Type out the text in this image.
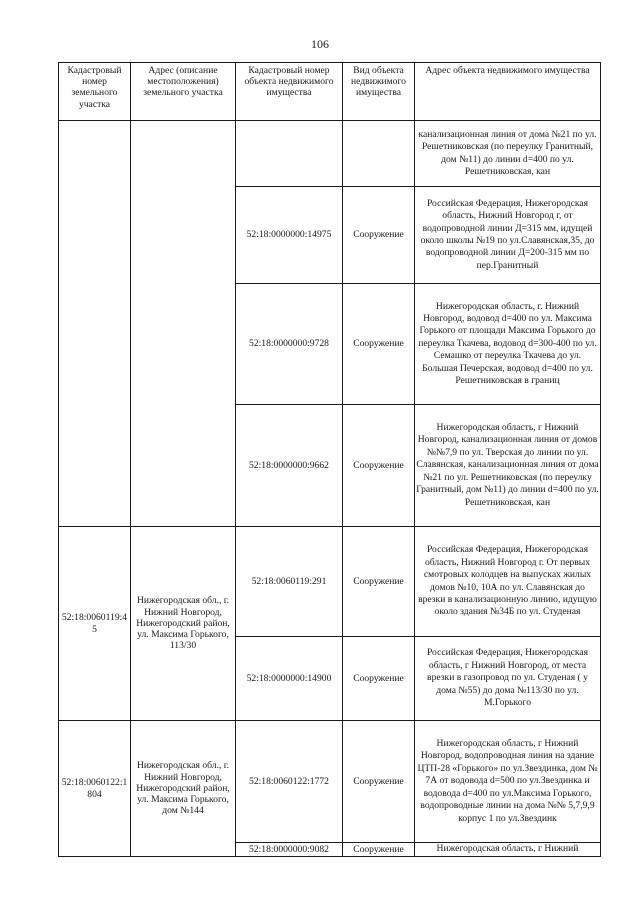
106
Кадастровый номер земельного участка	Адрес (описание местоположения) земельного участка	Кадастровый номер объекта недвижимого имущества	Вид объекта недвижимого имущества	Адрес объекта недвижимого имущества
				канализационная линия от дома №21 по ул. Решетниковская (по переулку Гранитный, дом №11) до линии d=400 по ул. Решетниковская, кан
		52:18:0000000:14975	Сооружение	Российская Федерация, Нижегородская область, Нижний Новгород г, от водопроводной линии Д=315 мм, идущей около школы №19 по ул.Славянская,35, до водопроводной линии Д=200-315 мм по пер.Гранитный
		52:18:0000000:9728	Сооружение	Нижегородская область, г. Нижний Новгород, водовод d=400 по ул. Максима Горького от площади Максима Горького до переулка Ткачева, водовод d=300-400 по ул. Семашко от переулка Ткачева до ул. Большая Печерская, водовод d=400 по ул. Решетниковская в границ
		52:18:0000000:9662	Сооружение	Нижегородская область, г Нижний Новгород, канализационная линия от домов №№7,9 по ул. Тверская до линии по ул. Славянская, канализационная линия от дома №21 по ул. Решетниковская (по переулку Гранитный, дом №11) до линии d=400 по ул. Решетниковская, кан
52:18:0060119:45	Нижегородская обл., г. Нижний Новгород, Нижегородский район, ул. Максима Горького, 113/30	52:18:0060119:291	Сооружение	Российская Федерация, Нижегородская область, Нижний Новгород г. От первых смотровых колодцев на выпусках жилых домов №10, 10А по ул. Славянская до врезки в канализационную линию, идущую около здания №34Б по ул. Студеная
		52:18:0000000:14900	Сооружение	Российская Федерация, Нижегородская область, г Нижний Новгород, от места врезки в газопровод по ул. Студеная ( у дома №55) до дома №113/30 по ул. М.Горького
52:18:0060122:1804	Нижегородская обл., г. Нижний Новгород, Нижегородский район, ул. Максима Горького, дом №144	52:18:0060122:1772	Сооружение	Нижегородская область, г Нижний Новгород, водопроводная линия на здание ЦТП-28 «Горького» по ул.Звездинка, дом № 7А от водовода d=500 по ул.Звездинка и водовода d=400 по ул.Максима Горького, водопроводные линии на дома №№ 5,7,9,9 корпус 1 по ул.Звездинк
		52:18:0000000:9082	Сооружение	Нижегородская область, г Нижний
